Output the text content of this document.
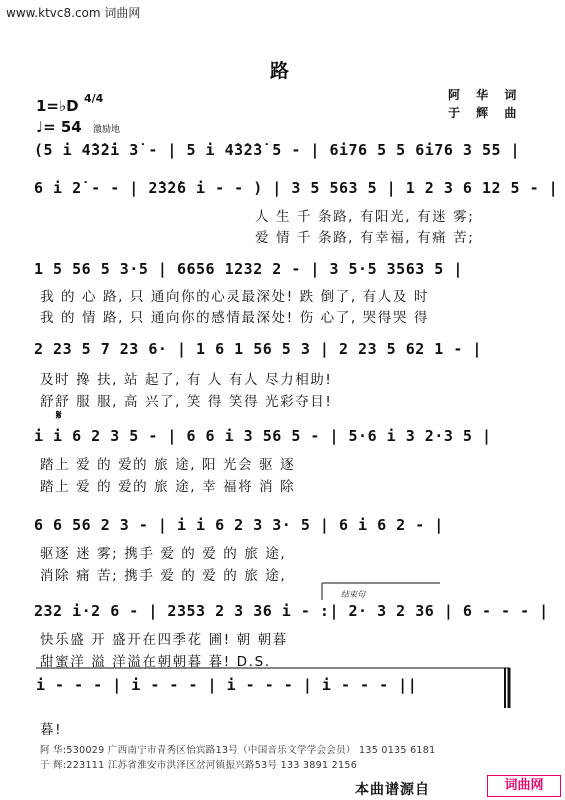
www.ktvc8.com 词曲网
路
阿 华 词
于 辉 曲
1=♭D 4/4
♩= 54 激励地
(5 i 4̇3̇2̇i 3̇ - | 5 i 4̇3̇2̇3̇ 5 - | 6i76 5 5 6i76 3 55 |
6 i 2̇ - - | 2̇3̇2̇6 i - - ) | 3 5 563 5 | 1 2 3 6 12 5 - |
人 生 千 条路, 有阳光, 有迷 雾;
爱 情 千 条路, 有幸福, 有痛 苦;
1 5 56 5 3·5 | 6656 1232 2 - | 3 5·5 3563 5 |
我 的 心 路, 只 通向你的心灵最深处! 跌 倒了, 有人及 时
我 的 情 路, 只 通向你的感情最深处! 伤 心了, 哭得哭 得
2 23 5 7 23 6· | 1 6 1 56 5 3 | 2 23 5 62 1 - |
及时 搀 扶, 站 起了, 有 人 有人 尽力相助!
舒舒 服 服, 高 兴了, 笑 得 笑得 光彩夺目!
i i 6 2 3 5 - | 6 6 i 3 56 5 - | 5·6 i 3 2·3 5 |
𝄋
踏上 爱 的 爱的 旅 途, 阳 光会 驱 逐
踏上 爱 的 爱的 旅 途, 幸 福将 消 除
6 6 56 2 3 - | i i 6 2 3 3· 5 | 6 i 6 2 - |
驱逐 迷 雾; 携手 爱 的 爱 的 旅 途,
消除 痛 苦; 携手 爱 的 爱 的 旅 途,
结束句
232 i·2 6 - | 2353 2 3 36 i - :| 2· 3 2 36 | 6 - - - |
快乐盛 开 盛开在四季花 圃! 朝 朝暮
甜蜜洋 溢 洋溢在朝朝暮 暮! D.S.
i - - - | i - - - | i - - - | i - - - ||
暮!
阿 华:530029 广西南宁市青秀区怡宾路13号（中国音乐文学学会会员） 135 0135 6181
于 辉:223111 江苏省淮安市洪泽区岔河镇振兴路53号 133 3891 2156
本曲谱源自	词曲网
